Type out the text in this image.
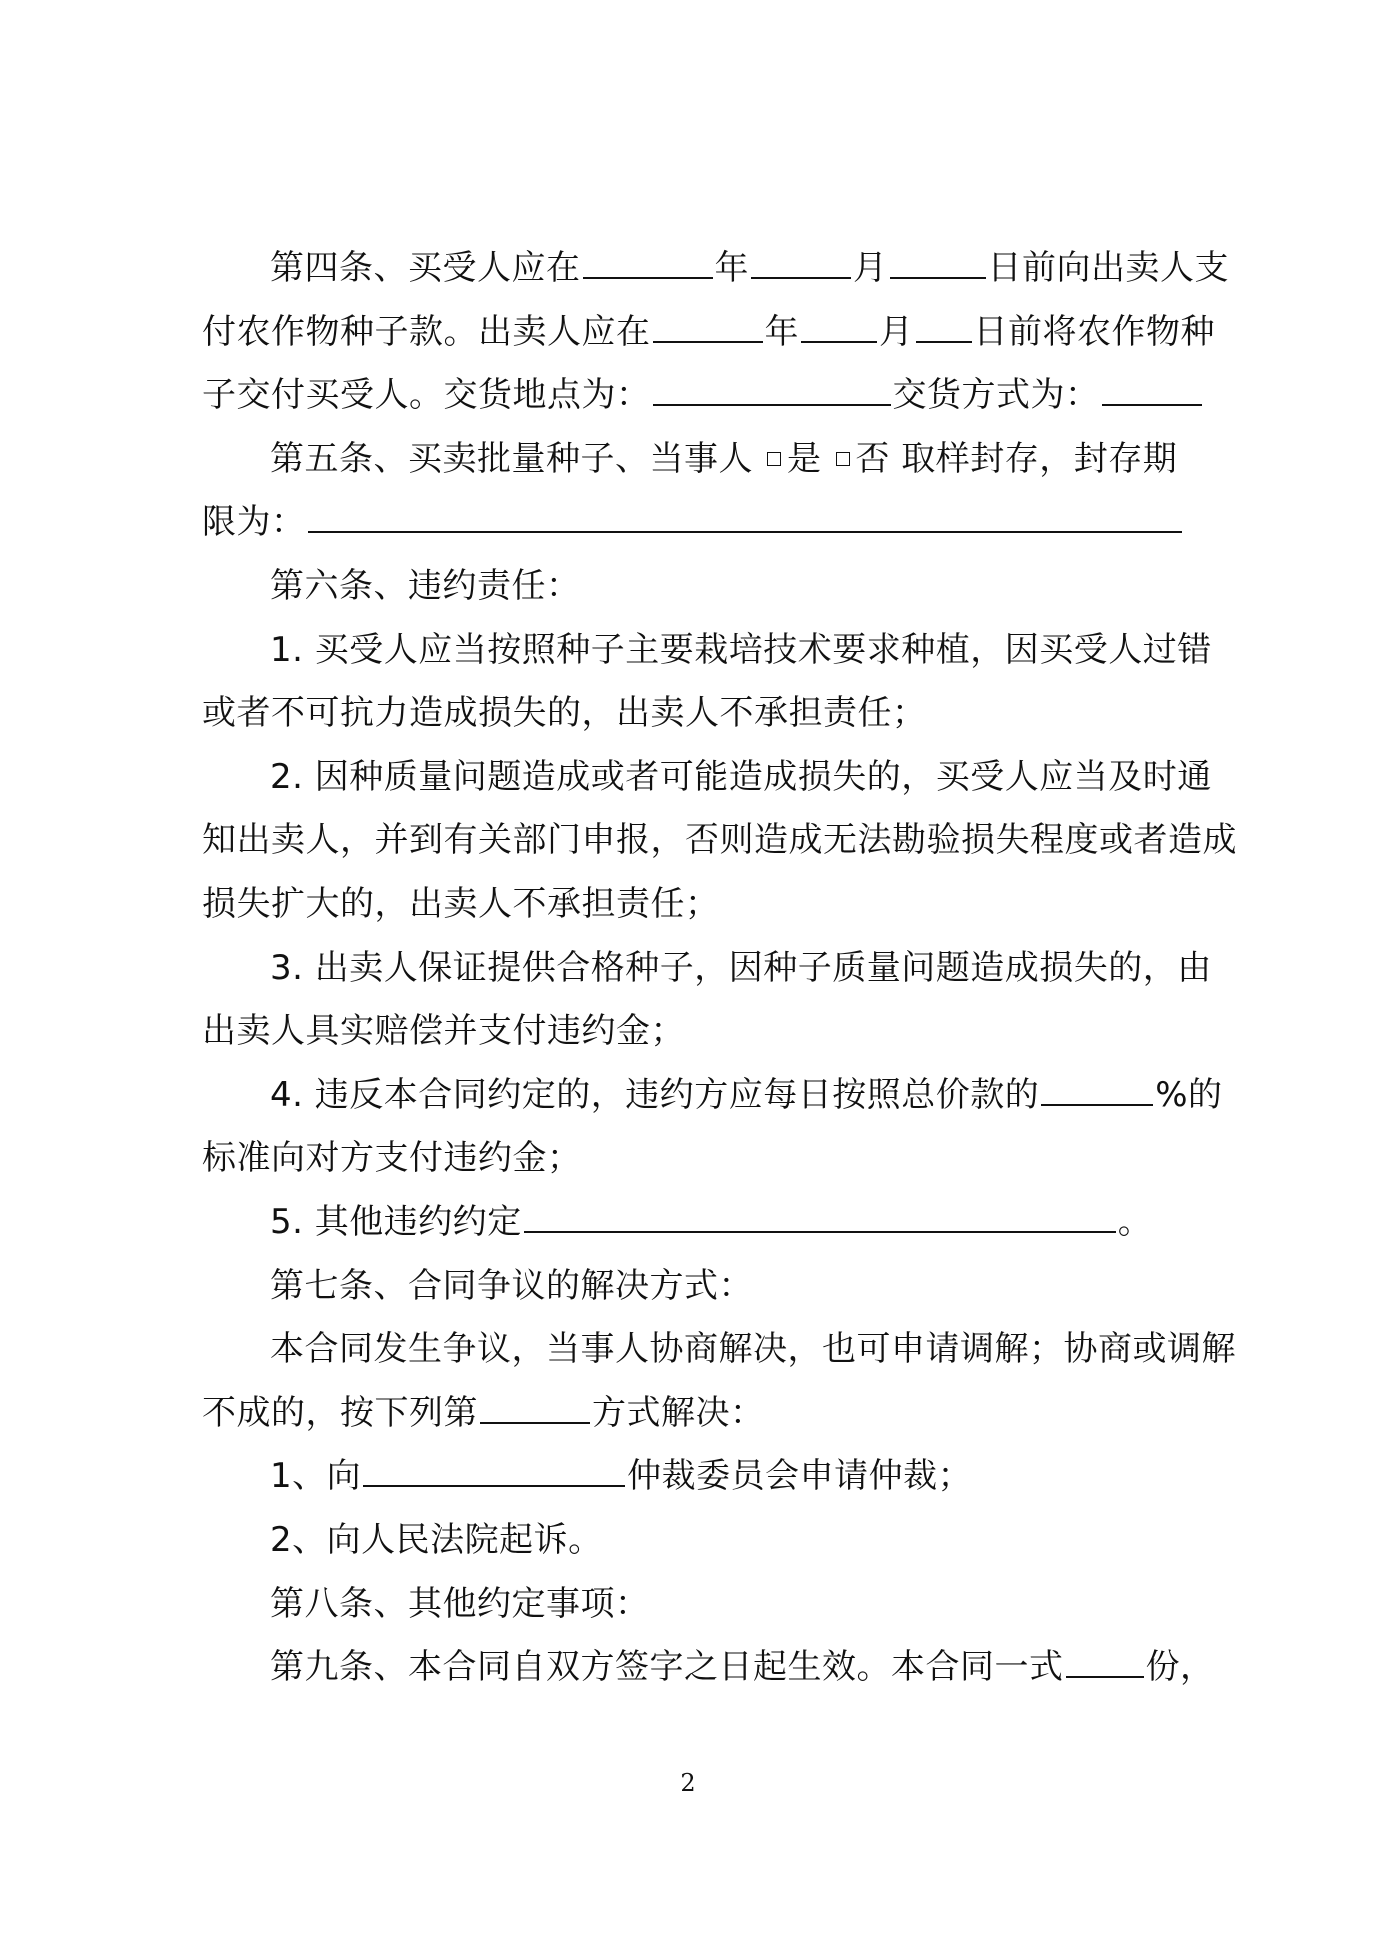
第四条、买受人应在	年	月	日前向出卖人支
付农作物种子款。出卖人应在	年 月 日前将农作物种
子交付买受人。交货地点为：	交货方式为：
第五条、买卖批量种子、当事人 是 否 取样封存，封存期
限为：
第六条、违约责任：
1. 买受人应当按照种子主要栽培技术要求种植，因买受人过错
或者不可抗力造成损失的，出卖人不承担责任；
2. 因种质量问题造成或者可能造成损失的，买受人应当及时通
知出卖人，并到有关部门申报，否则造成无法勘验损失程度或者造成
损失扩大的，出卖人不承担责任；
3. 出卖人保证提供合格种子，因种子质量问题造成损失的，由
出卖人具实赔偿并支付违约金；
4. 违反本合同约定的，违约方应每日按照总价款的	%的
标准向对方支付违约金；
5. 其他违约约定	。
第七条、合同争议的解决方式：
本合同发生争议，当事人协商解决，也可申请调解；协商或调解
不成的，按下列第	方式解决：
1、向	仲裁委员会申请仲裁；
2、向人民法院起诉。
第八条、其他约定事项：
第九条、本合同自双方签字之日起生效。本合同一式 份，
2
